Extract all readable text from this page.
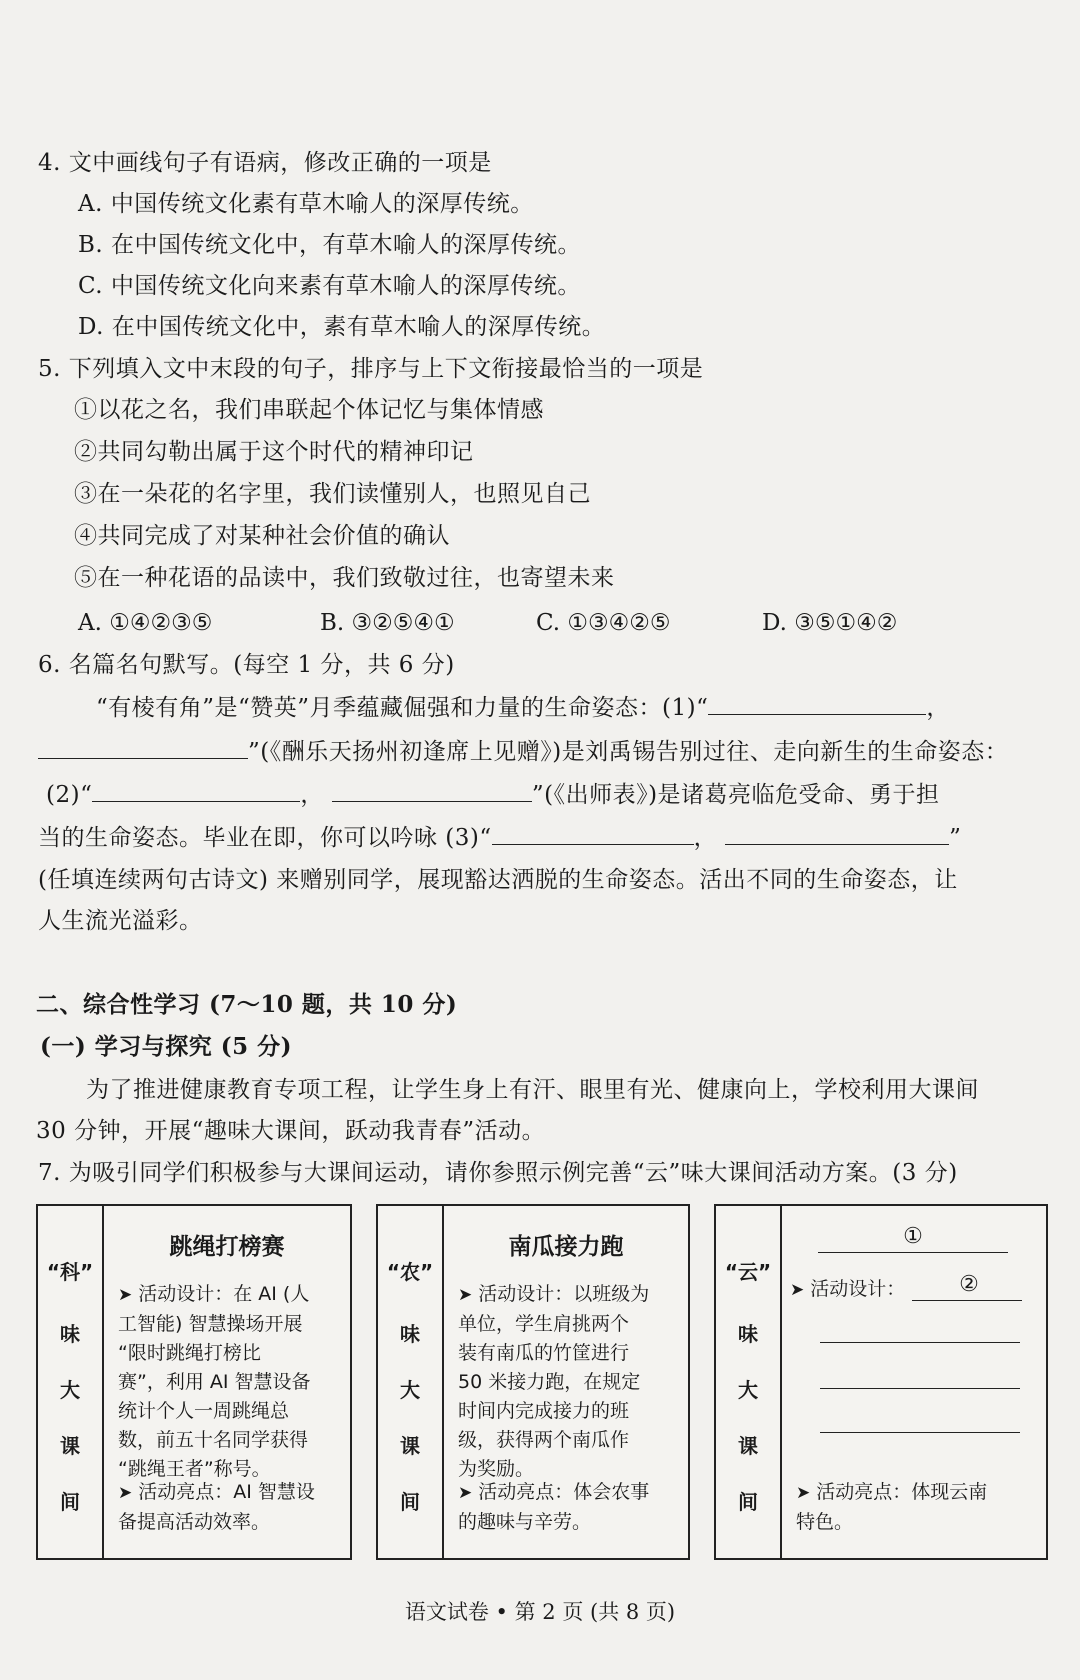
4. 文中画线句子有语病，修改正确的一项是
A. 中国传统文化素有草木喻人的深厚传统。
B. 在中国传统文化中，有草木喻人的深厚传统。
C. 中国传统文化向来素有草木喻人的深厚传统。
D. 在中国传统文化中，素有草木喻人的深厚传统。
5. 下列填入文中末段的句子，排序与上下文衔接最恰当的一项是
①以花之名，我们串联起个体记忆与集体情感
②共同勾勒出属于这个时代的精神印记
③在一朵花的名字里，我们读懂别人，也照见自己
④共同完成了对某种社会价值的确认
⑤在一种花语的品读中，我们致敬过往，也寄望未来
A. ①④②③⑤	B. ③②⑤④①	C. ①③④②⑤	D. ③⑤①④②
6. 名篇名句默写。(每空 1 分，共 6 分)
“有棱有角”是“赞英”月季蕴藏倔强和力量的生命姿态：(1)“	，
”(《酬乐天扬州初逢席上见赠》)是刘禹锡告别过往、走向新生的生命姿态：
(2)“	，	”(《出师表》)是诸葛亮临危受命、勇于担
当的生命姿态。毕业在即，你可以吟咏 (3)“	，	”
(任填连续两句古诗文) 来赠别同学，展现豁达洒脱的生命姿态。活出不同的生命姿态，让
人生流光溢彩。
二、综合性学习 (7～10 题，共 10 分)
(一) 学习与探究 (5 分)
为了推进健康教育专项工程，让学生身上有汗、眼里有光、健康向上，学校利用大课间
30 分钟，开展“趣味大课间，跃动我青春”活动。
7. 为吸引同学们积极参与大课间运动，请你参照示例完善“云”味大课间活动方案。(3 分)
“科”
味
大
课
间
跳绳打榜赛
➤ 活动设计：在 AI (人
工智能) 智慧操场开展
“限时跳绳打榜比
赛”，利用 AI 智慧设备
统计个人一周跳绳总
数，前五十名同学获得
“跳绳王者”称号。
➤ 活动亮点：AI 智慧设
备提高活动效率。
“农”
味
大
课
间
南瓜接力跑
➤ 活动设计：以班级为
单位，学生肩挑两个
装有南瓜的竹筐进行
50 米接力跑，在规定
时间内完成接力的班
级，获得两个南瓜作
为奖励。
➤ 活动亮点：体会农事
的趣味与辛劳。
“云”
味
大
课
间
①
➤ 活动设计：	②
➤ 活动亮点：体现云南
特色。
语文试卷 • 第 2 页 (共 8 页)
